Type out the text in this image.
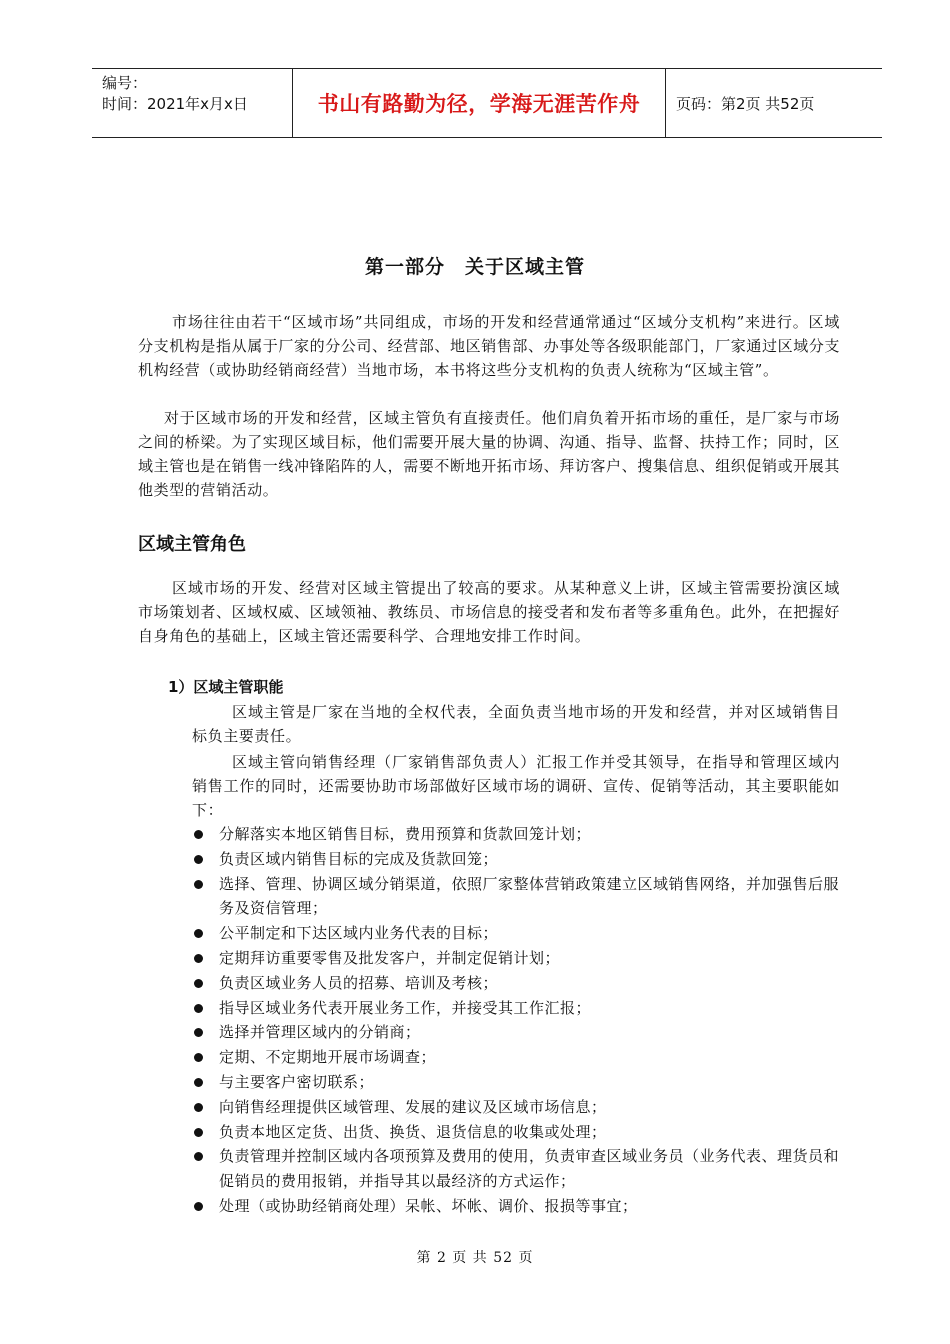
编号：
时间：2021年x月x日	书山有路勤为径，学海无涯苦作舟 页码：第2页 共52页
第一部分　关于区域主管

市场往往由若干“区域市场”共同组成，市场的开发和经营通常通过“区域分支机构”来进行。区域分支机构是指从属于厂家的分公司、经营部、地区销售部、办事处等各级职能部门，厂家通过区域分支机构经营（或协助经销商经营）当地市场，本书将这些分支机构的负责人统称为“区域主管”。

对于区域市场的开发和经营，区域主管负有直接责任。他们肩负着开拓市场的重任，是厂家与市场之间的桥梁。为了实现区域目标，他们需要开展大量的协调、沟通、指导、监督、扶持工作；同时，区域主管也是在销售一线冲锋陷阵的人，需要不断地开拓市场、拜访客户、搜集信息、组织促销或开展其他类型的营销活动。

区域主管角色

区域市场的开发、经营对区域主管提出了较高的要求。从某种意义上讲，区域主管需要扮演区域市场策划者、区域权威、区域领袖、教练员、市场信息的接受者和发布者等多重角色。此外，在把握好自身角色的基础上，区域主管还需要科学、合理地安排工作时间。

1）区域主管职能

区域主管是厂家在当地的全权代表，全面负责当地市场的开发和经营，并对区域销售目标负主要责任。

区域主管向销售经理（厂家销售部负责人）汇报工作并受其领导，在指导和管理区域内销售工作的同时，还需要协助市场部做好区域市场的调研、宣传、促销等活动，其主要职能如下：

分解落实本地区销售目标，费用预算和货款回笼计划；
负责区域内销售目标的完成及货款回笼；
选择、管理、协调区域分销渠道，依照厂家整体营销政策建立区域销售网络，并加强售后服务及资信管理；
公平制定和下达区域内业务代表的目标；
定期拜访重要零售及批发客户，并制定促销计划；
负责区域业务人员的招募、培训及考核；
指导区域业务代表开展业务工作，并接受其工作汇报；
选择并管理区域内的分销商；
定期、不定期地开展市场调查；
与主要客户密切联系；
向销售经理提供区域管理、发展的建议及区域市场信息；
负责本地区定货、出货、换货、退货信息的收集或处理；
负责管理并控制区域内各项预算及费用的使用，负责审查区域业务员（业务代表、理货员和促销员的费用报销，并指导其以最经济的方式运作；
处理（或协助经销商处理）呆帐、坏帐、调价、报损等事宜；
第 2 页 共 52 页
